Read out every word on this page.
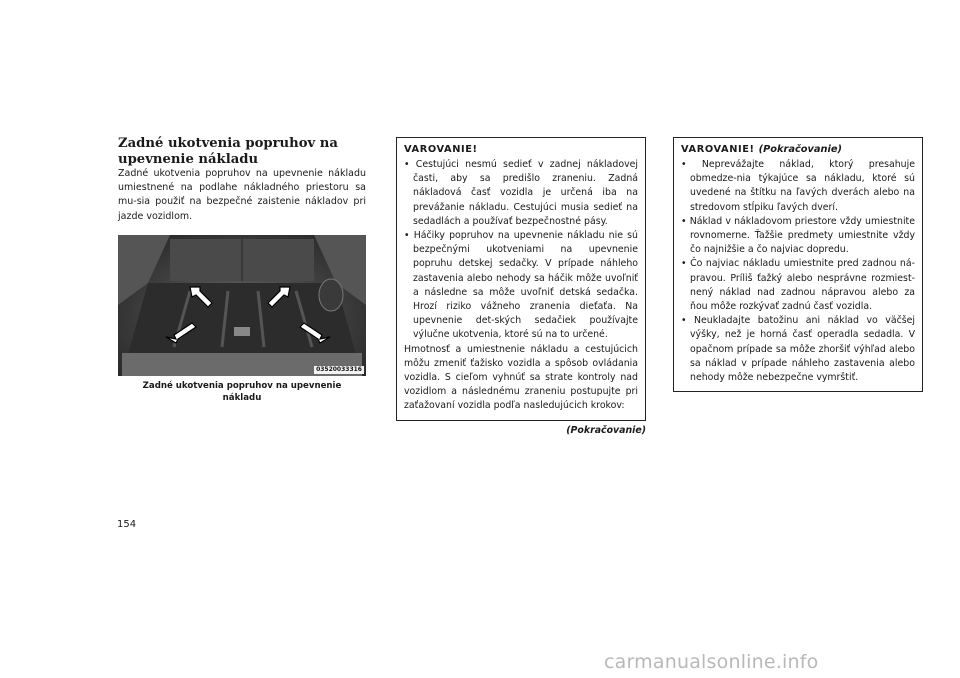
Zadné ukotvenia popruhov na upevnenie nákladu

Zadné ukotvenia popruhov na upevnenie nákladu umiestnené na podlahe nákladného priestoru sa mu-sia použiť na bezpečné zaistenie nákladov pri jazde vozidlom.

03520033316
Zadné ukotvenia popruhov na upevnenie nákladu
VAROVANIE!
• Cestujúci nesmú sedieť v zadnej nákladovej časti, aby sa predišlo zraneniu. Zadná nákladová časť vozidla je určená iba na prevážanie nákladu. Cestujúci musia sedieť na sedadlách a používať bezpečnostné pásy.
• Háčiky popruhov na upevnenie nákladu nie sú bezpečnými ukotveniami na upevnenie popruhu detskej sedačky. V prípade náhleho zastavenia alebo nehody sa háčik môže uvoľniť a následne sa môže uvoľniť detská sedačka. Hrozí riziko vážneho zranenia dieťaťa. Na upevnenie det-ských sedačiek používajte výlučne ukotvenia, ktoré sú na to určené.

Hmotnosť a umiestnenie nákladu a cestujúcich môžu zmeniť ťažisko vozidla a spôsob ovládania vozidla. S cieľom vyhnúť sa strate kontroly nad vozidlom a následnému zraneniu postupujte pri zaťažovaní vozidla podľa nasledujúcich krokov:

(Pokračovanie)
VAROVANIE! (Pokračovanie)
• Neprevážajte náklad, ktorý presahuje obmedze-nia týkajúce sa nákladu, ktoré sú uvedené na štítku na ľavých dverách alebo na stredovom stĺpiku ľavých dverí.
• Náklad v nákladovom priestore vždy umiestnite rovnomerne. Ťažšie predmety umiestnite vždy čo najnižšie a čo najviac dopredu.
• Čo najviac nákladu umiestnite pred zadnou ná-pravou. Príliš ťažký alebo nesprávne rozmiest-nený náklad nad zadnou nápravou alebo za ňou môže rozkývať zadnú časť vozidla.
• Neukladajte batožinu ani náklad vo väčšej výšky, než je horná časť operadla sedadla. V opačnom prípade sa môže zhoršiť výhľad alebo sa náklad v prípade náhleho zastavenia alebo nehody môže nebezpečne vymrštiť.
154
carmanualsonline.info
